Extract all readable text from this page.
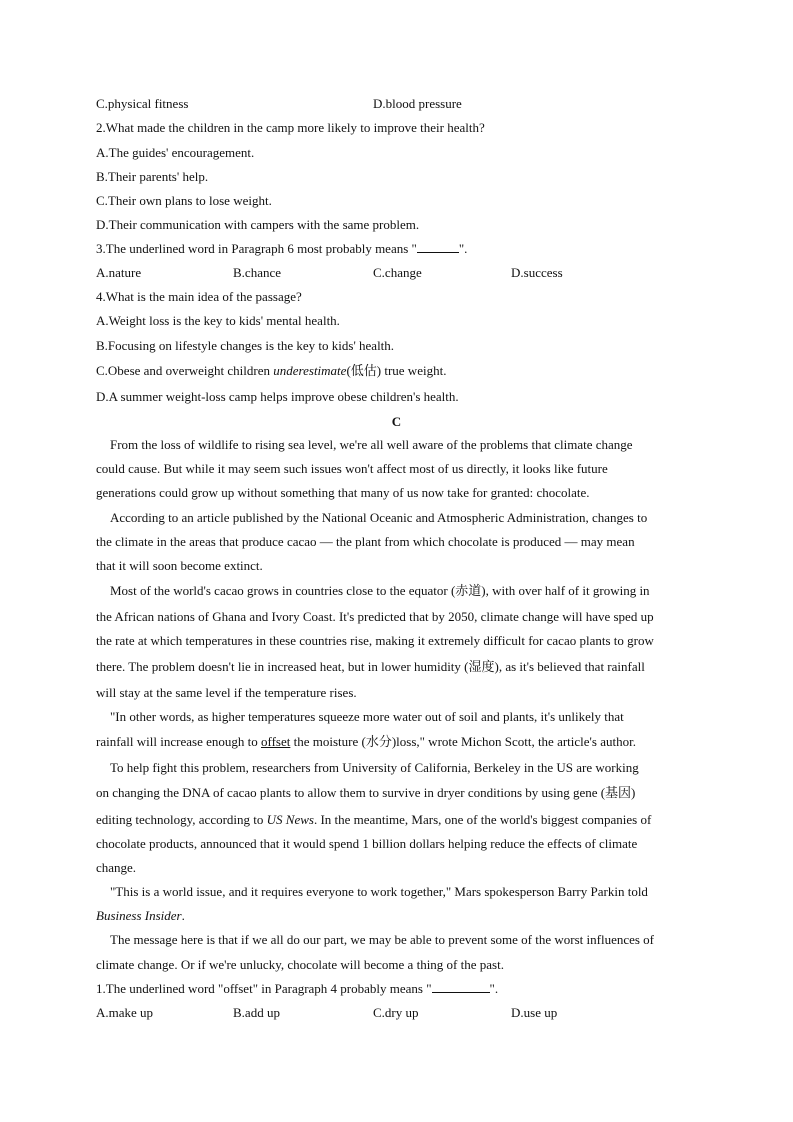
C.physical fitness	D.blood pressure
2.What made the children in the camp more likely to improve their health?
A.The guides' encouragement.
B.Their parents' help.
C.Their own plans to lose weight.
D.Their communication with campers with the same problem.
3.The underlined word in Paragraph 6 most probably means "	".
A.nature	B.chance	C.change	D.success
4.What is the main idea of the passage?
A.Weight loss is the key to kids' mental health.
B.Focusing on lifestyle changes is the key to kids' health.
C.Obese and overweight children underestimate(低估) true weight.
D.A summer weight-loss camp helps improve obese children's health.
C
From the loss of wildlife to rising sea level, we're all well aware of the problems that climate change
could cause. But while it may seem such issues won't affect most of us directly, it looks like future
generations could grow up without something that many of us now take for granted: chocolate.
According to an article published by the National Oceanic and Atmospheric Administration, changes to
the climate in the areas that produce cacao — the plant from which chocolate is produced — may mean
that it will soon become extinct.
Most of the world's cacao grows in countries close to the equator (赤道), with over half of it growing in
the African nations of Ghana and Ivory Coast. It's predicted that by 2050, climate change will have sped up
the rate at which temperatures in these countries rise, making it extremely difficult for cacao plants to grow
there. The problem doesn't lie in increased heat, but in lower humidity (湿度), as it's believed that rainfall
will stay at the same level if the temperature rises.
"In other words, as higher temperatures squeeze more water out of soil and plants, it's unlikely that
rainfall will increase enough to offset the moisture (水分)loss," wrote Michon Scott, the article's author.
To help fight this problem, researchers from University of California, Berkeley in the US are working
on changing the DNA of cacao plants to allow them to survive in dryer conditions by using gene (基因)
editing technology, according to US News. In the meantime, Mars, one of the world's biggest companies of
chocolate products, announced that it would spend 1 billion dollars helping reduce the effects of climate
change.
"This is a world issue, and it requires everyone to work together," Mars spokesperson Barry Parkin told
Business Insider.
The message here is that if we all do our part, we may be able to prevent some of the worst influences of
climate change. Or if we're unlucky, chocolate will become a thing of the past.
1.The underlined word "offset" in Paragraph 4 probably means "	".
A.make up	B.add up	C.dry up	D.use up
